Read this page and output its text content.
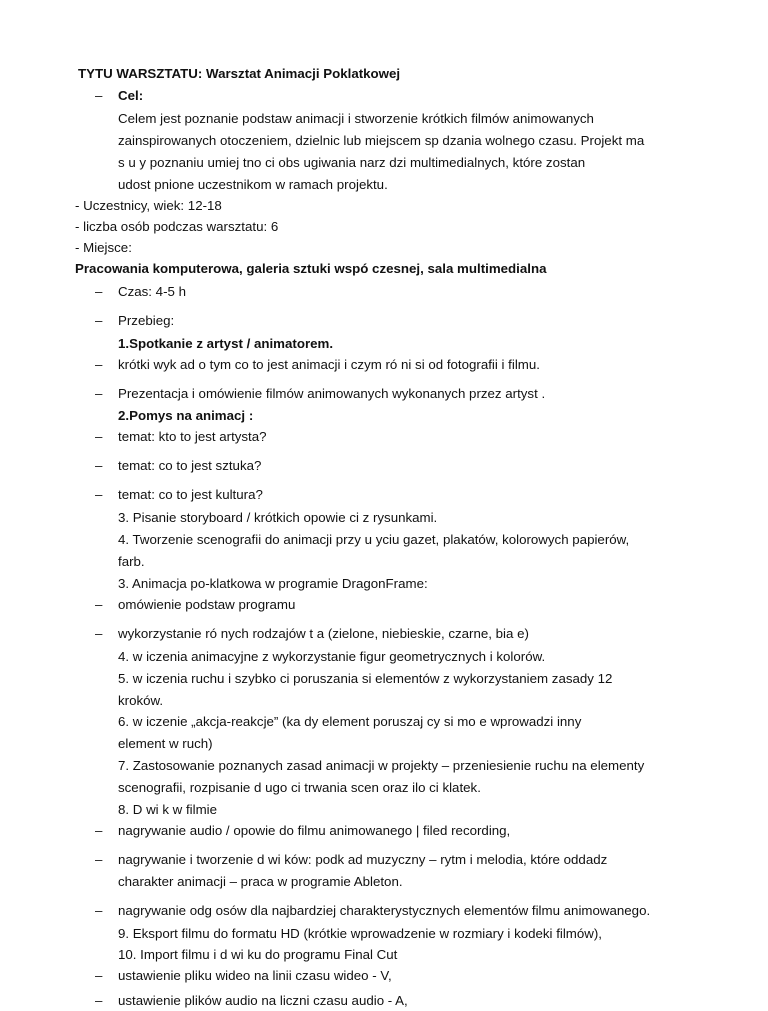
TYTU WARSZTATU: Warsztat Animacji Poklatkowej
– Cel:
Celem jest poznanie podstaw animacji i stworzenie krótkich filmów animowanych
zainspirowanych otoczeniem, dzielnic lub miejscem sp dzania wolnego czasu. Projekt ma
s u y poznaniu umiej tno ci obs ugiwania narz dzi multimedialnych, które zostan
udost pnione uczestnikom w ramach projektu.
- Uczestnicy, wiek: 12-18
- liczba osób podczas warsztatu: 6
- Miejsce:
Pracowania komputerowa, galeria sztuki wspó czesnej, sala multimedialna
– Czas: 4-5 h
– Przebieg:
1.Spotkanie z artyst / animatorem.
– krótki wyk ad o tym co to jest animacji i czym ró ni si od fotografii i filmu.
– Prezentacja i omówienie filmów animowanych wykonanych przez artyst .
2.Pomys na animacj :
– temat: kto to jest artysta?
– temat: co to jest sztuka?
– temat: co to jest kultura?
3. Pisanie storyboard / krótkich opowie ci z rysunkami.
4. Tworzenie scenografii do animacji przy u yciu gazet, plakatów, kolorowych papierów,
farb.
3. Animacja po-klatkowa w programie DragonFrame:
– omówienie podstaw programu
– wykorzystanie ró nych rodzajów t a (zielone, niebieskie, czarne, bia e)
4. w iczenia animacyjne z wykorzystanie figur geometrycznych i kolorów.
5. w iczenia ruchu i szybko ci poruszania si elementów z wykorzystaniem zasady 12
kroków.
6. w iczenie „akcja-reakcje” (ka dy element poruszaj cy si mo e wprowadzi inny
element w ruch)
7. Zastosowanie poznanych zasad animacji w projekty – przeniesienie ruchu na elementy
scenografii, rozpisanie d ugo ci trwania scen oraz ilo ci klatek.
8. D wi k w filmie
– nagrywanie audio / opowie do filmu animowanego | filed recording,
– nagrywanie i tworzenie d wi ków: podk ad muzyczny – rytm i melodia, które oddadz
charakter animacji – praca w programie Ableton.
– nagrywanie odg osów dla najbardziej charakterystycznych elementów filmu animowanego.
9. Eksport filmu do formatu HD (krótkie wprowadzenie w rozmiary i kodeki filmów),
10. Import filmu i d wi ku do programu Final Cut
– ustawienie pliku wideo na linii czasu wideo - V,
– ustawienie plików audio na liczni czasu audio - A,
